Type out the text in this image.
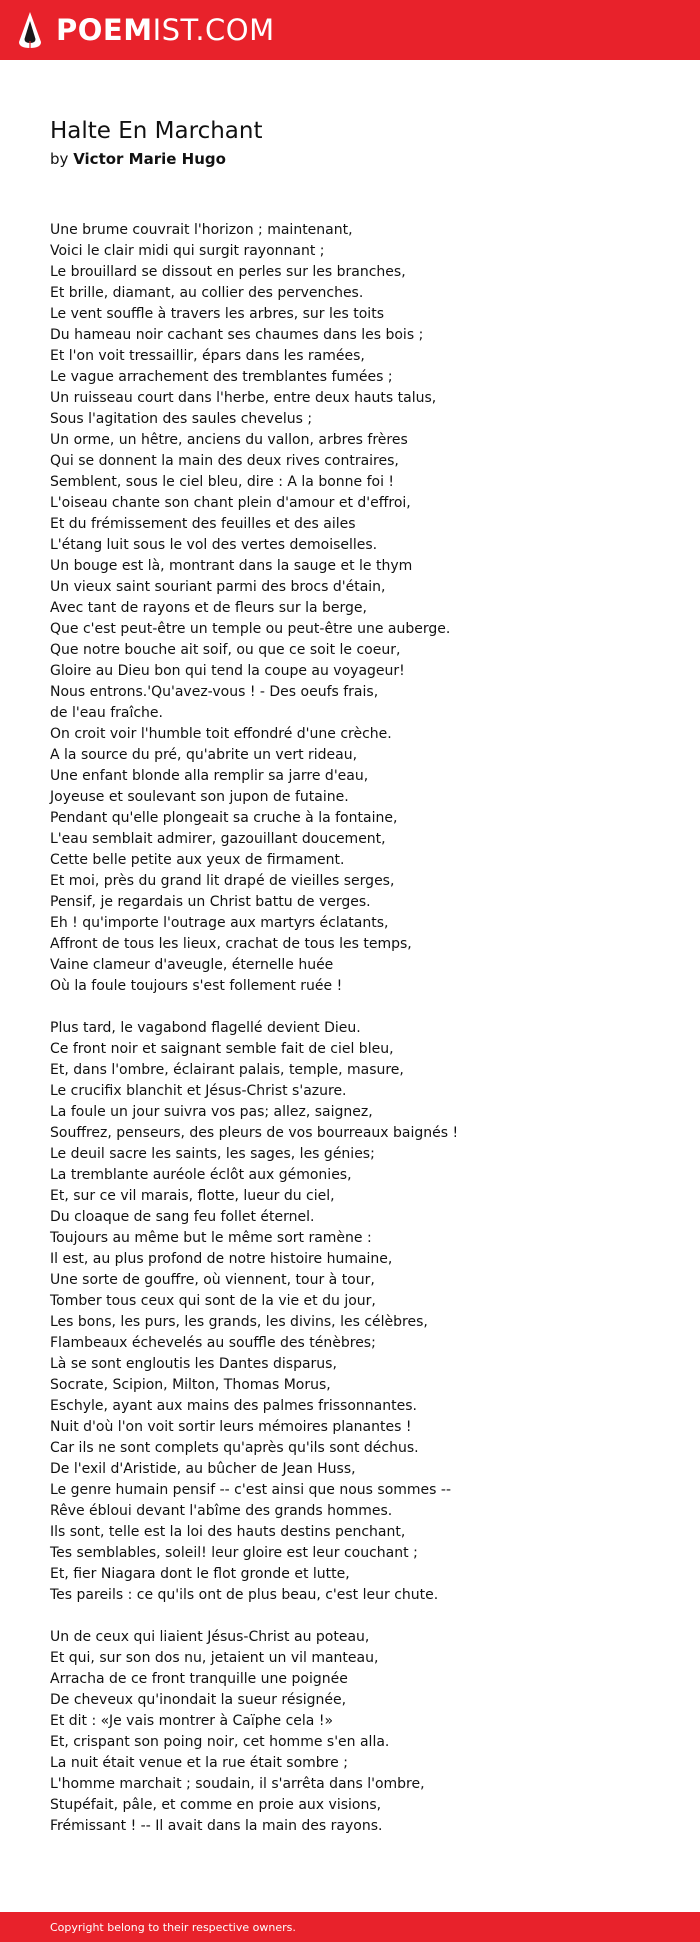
POEMIST.COM
Halte En Marchant
by Victor Marie Hugo
Une brume couvrait l'horizon ; maintenant,
Voici le clair midi qui surgit rayonnant ;
Le brouillard se dissout en perles sur les branches,
Et brille, diamant, au collier des pervenches.
Le vent souffle à travers les arbres, sur les toits
Du hameau noir cachant ses chaumes dans les bois ;
Et l'on voit tressaillir, épars dans les ramées,
Le vague arrachement des tremblantes fumées ;
Un ruisseau court dans l'herbe, entre deux hauts talus,
Sous l'agitation des saules chevelus ;
Un orme, un hêtre, anciens du vallon, arbres frères
Qui se donnent la main des deux rives contraires,
Semblent, sous le ciel bleu, dire : A la bonne foi !
L'oiseau chante son chant plein d'amour et d'effroi,
Et du frémissement des feuilles et des ailes
L'étang luit sous le vol des vertes demoiselles.
Un bouge est là, montrant dans la sauge et le thym
Un vieux saint souriant parmi des brocs d'étain,
Avec tant de rayons et de fleurs sur la berge,
Que c'est peut-être un temple ou peut-être une auberge.
Que notre bouche ait soif, ou que ce soit le coeur,
Gloire au Dieu bon qui tend la coupe au voyageur!
Nous entrons.'Qu'avez-vous ! - Des oeufs frais,
de l'eau fraîche.
On croit voir l'humble toit effondré d'une crèche.
A la source du pré, qu'abrite un vert rideau,
Une enfant blonde alla remplir sa jarre d'eau,
Joyeuse et soulevant son jupon de futaine.
Pendant qu'elle plongeait sa cruche à la fontaine,
L'eau semblait admirer, gazouillant doucement,
Cette belle petite aux yeux de firmament.
Et moi, près du grand lit drapé de vieilles serges,
Pensif, je regardais un Christ battu de verges.
Eh ! qu'importe l'outrage aux martyrs éclatants,
Affront de tous les lieux, crachat de tous les temps,
Vaine clameur d'aveugle, éternelle huée
Où la foule toujours s'est follement ruée !
Plus tard, le vagabond flagellé devient Dieu.
Ce front noir et saignant semble fait de ciel bleu,
Et, dans l'ombre, éclairant palais, temple, masure,
Le crucifix blanchit et Jésus-Christ s'azure.
La foule un jour suivra vos pas; allez, saignez,
Souffrez, penseurs, des pleurs de vos bourreaux baignés !
Le deuil sacre les saints, les sages, les génies;
La tremblante auréole éclôt aux gémonies,
Et, sur ce vil marais, flotte, lueur du ciel,
Du cloaque de sang feu follet éternel.
Toujours au même but le même sort ramène :
Il est, au plus profond de notre histoire humaine,
Une sorte de gouffre, où viennent, tour à tour,
Tomber tous ceux qui sont de la vie et du jour,
Les bons, les purs, les grands, les divins, les célèbres,
Flambeaux échevelés au souffle des ténèbres;
Là se sont engloutis les Dantes disparus,
Socrate, Scipion, Milton, Thomas Morus,
Eschyle, ayant aux mains des palmes frissonnantes.
Nuit d'où l'on voit sortir leurs mémoires planantes !
Car ils ne sont complets qu'après qu'ils sont déchus.
De l'exil d'Aristide, au bûcher de Jean Huss,
Le genre humain pensif -- c'est ainsi que nous sommes --
Rêve ébloui devant l'abîme des grands hommes.
Ils sont, telle est la loi des hauts destins penchant,
Tes semblables, soleil! leur gloire est leur couchant ;
Et, fier Niagara dont le flot gronde et lutte,
Tes pareils : ce qu'ils ont de plus beau, c'est leur chute.
Un de ceux qui liaient Jésus-Christ au poteau,
Et qui, sur son dos nu, jetaient un vil manteau,
Arracha de ce front tranquille une poignée
De cheveux qu'inondait la sueur résignée,
Et dit : «Je vais montrer à Caïphe cela !»
Et, crispant son poing noir, cet homme s'en alla.
La nuit était venue et la rue était sombre ;
L'homme marchait ; soudain, il s'arrêta dans l'ombre,
Stupéfait, pâle, et comme en proie aux visions,
Frémissant ! -- Il avait dans la main des rayons.
Copyright belong to their respective owners.
